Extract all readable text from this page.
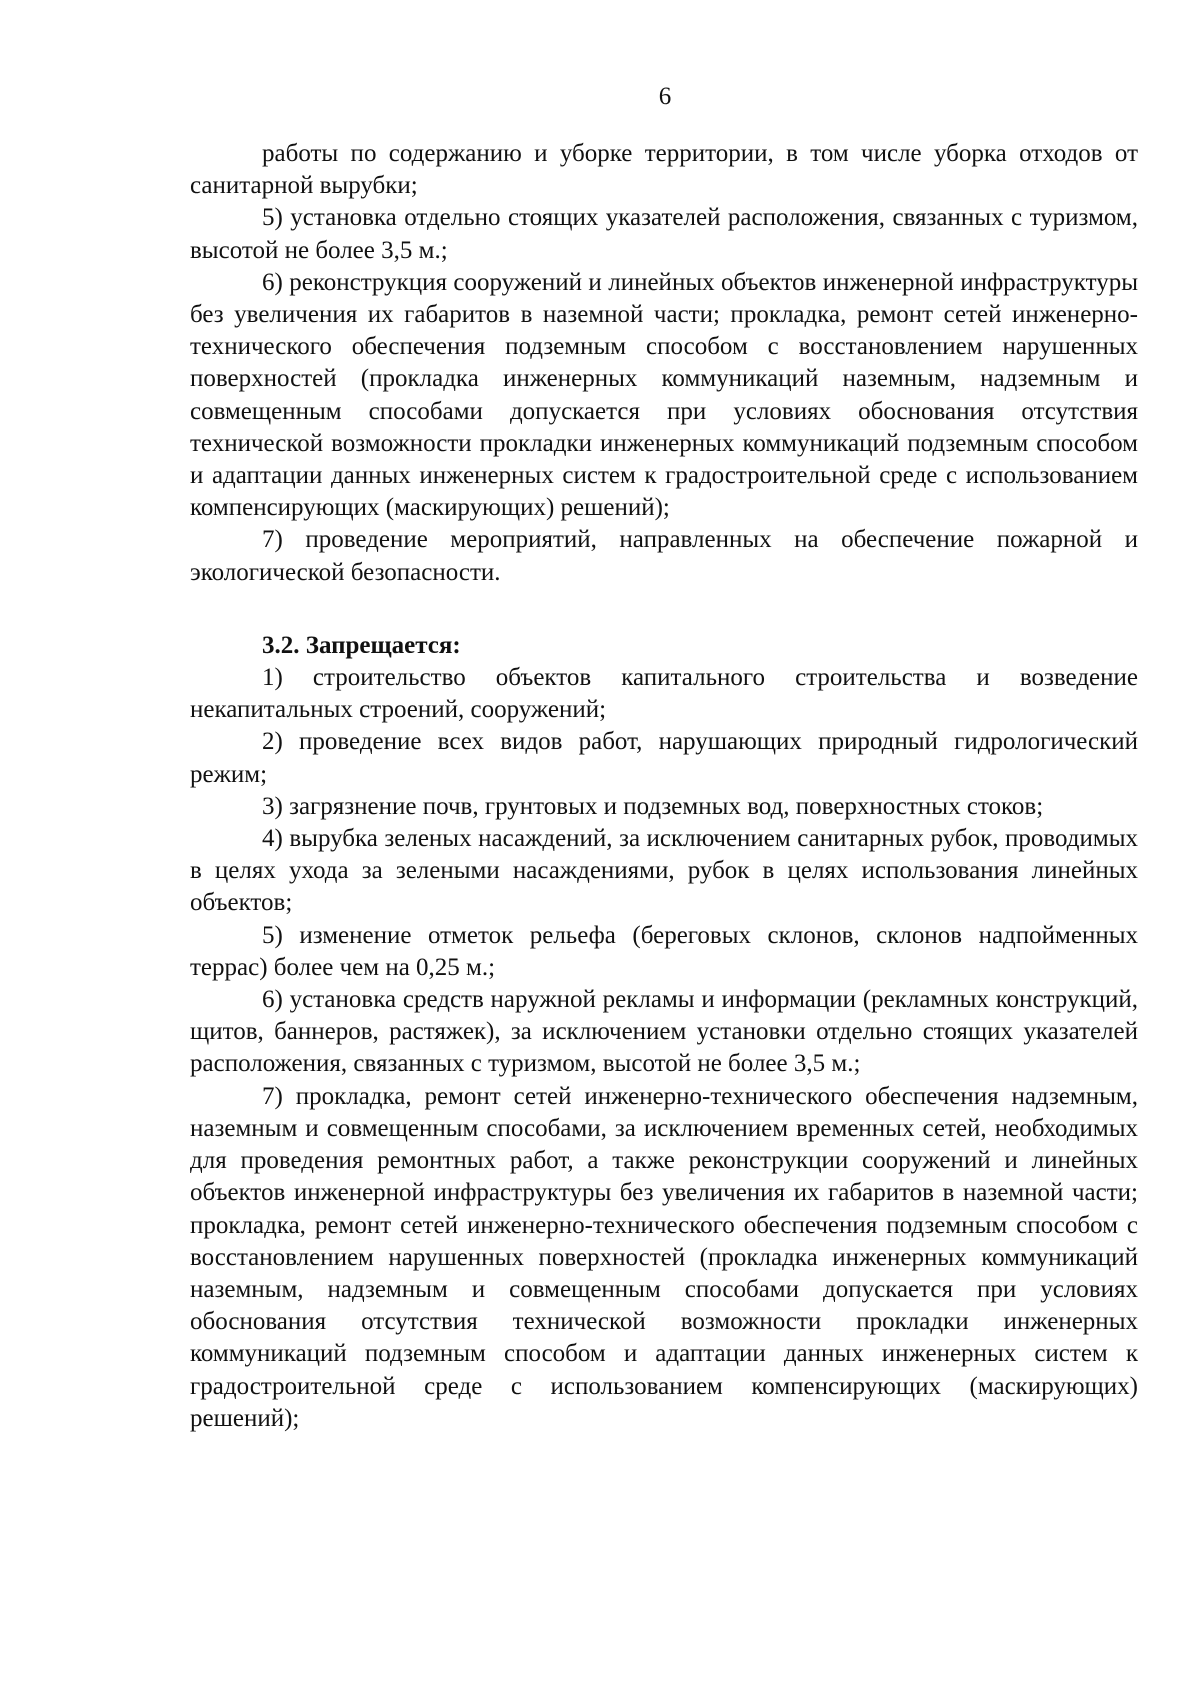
6

работы по содержанию и уборке территории, в том числе уборка отходов от санитарной вырубки;

5) установка отдельно стоящих указателей расположения, связанных с туризмом, высотой не более 3,5 м.;

6) реконструкция сооружений и линейных объектов инженерной инфраструктуры без увеличения их габаритов в наземной части; прокладка, ремонт сетей инженерно-технического обеспечения подземным способом с восстановлением нарушенных поверхностей (прокладка инженерных коммуникаций наземным, надземным и совмещенным способами допускается при условиях обоснования отсутствия технической возможности прокладки инженерных коммуникаций подземным способом и адаптации данных инженерных систем к градостроительной среде с использованием компенсирующих (маскирующих) решений);

7) проведение мероприятий, направленных на обеспечение пожарной и экологической безопасности.

3.2. Запрещается:

1) строительство объектов капитального строительства и возведение некапитальных строений, сооружений;

2) проведение всех видов работ, нарушающих природный гидрологический режим;

3) загрязнение почв, грунтовых и подземных вод, поверхностных стоков;

4) вырубка зеленых насаждений, за исключением санитарных рубок, проводимых в целях ухода за зелеными насаждениями, рубок в целях использования линейных объектов;

5) изменение отметок рельефа (береговых склонов, склонов надпойменных террас) более чем на 0,25 м.;

6) установка средств наружной рекламы и информации (рекламных конструкций, щитов, баннеров, растяжек), за исключением установки отдельно стоящих указателей расположения, связанных с туризмом, высотой не более 3,5 м.;

7) прокладка, ремонт сетей инженерно-технического обеспечения надземным, наземным и совмещенным способами, за исключением временных сетей, необходимых для проведения ремонтных работ, а также реконструкции сооружений и линейных объектов инженерной инфраструктуры без увеличения их габаритов в наземной части; прокладка, ремонт сетей инженерно-технического обеспечения подземным способом с восстановлением нарушенных поверхностей (прокладка инженерных коммуникаций наземным, надземным и совмещенным способами допускается при условиях обоснования отсутствия технической возможности прокладки инженерных коммуникаций подземным способом и адаптации данных инженерных систем к градостроительной среде с использованием компенсирующих (маскирующих) решений);
